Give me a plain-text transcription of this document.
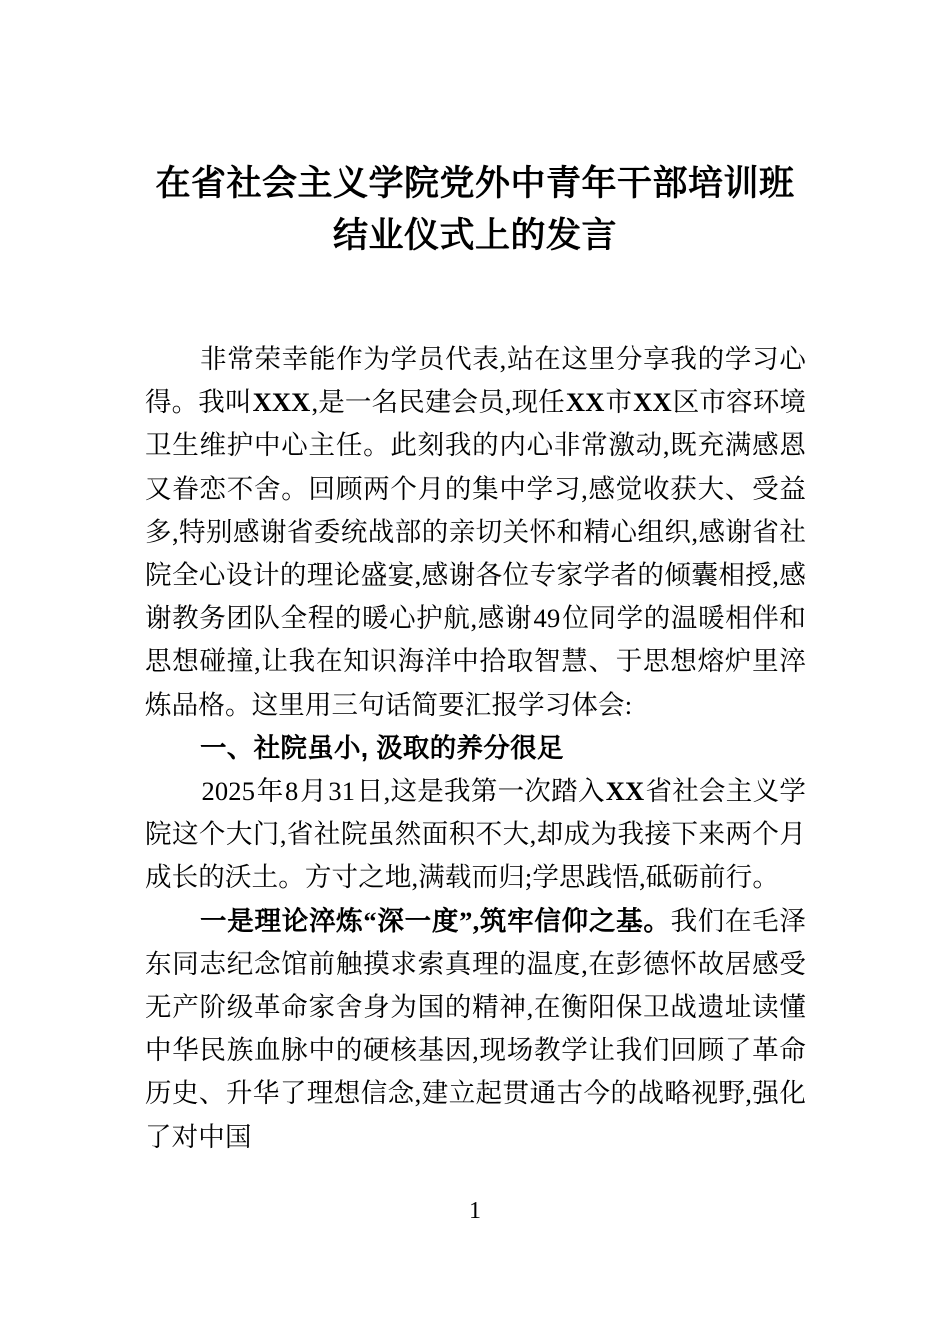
在省社会主义学院党外中青年干部培训班
结业仪式上的发言

非常荣幸能作为学员代表,站在这里分享我的学习心得。我叫XXX,是一名民建会员,现任XX市XX区市容环境卫生维护中心主任。此刻我的内心非常激动,既充满感恩又眷恋不舍。回顾两个月的集中学习,感觉收获大、受益多,特别感谢省委统战部的亲切关怀和精心组织,感谢省社院全心设计的理论盛宴,感谢各位专家学者的倾囊相授,感谢教务团队全程的暖心护航,感谢49位同学的温暖相伴和思想碰撞,让我在知识海洋中拾取智慧、于思想熔炉里淬炼品格。这里用三句话简要汇报学习体会:

一、社院虽小, 汲取的养分很足

2025年8月31日,这是我第一次踏入XX省社会主义学院这个大门,省社院虽然面积不大,却成为我接下来两个月成长的沃土。方寸之地,满载而归;学思践悟,砥砺前行。

一是理论淬炼“深一度”,筑牢信仰之基。我们在毛泽东同志纪念馆前触摸求索真理的温度,在彭德怀故居感受无产阶级革命家舍身为国的精神,在衡阳保卫战遗址读懂中华民族血脉中的硬核基因,现场教学让我们回顾了革命历史、升华了理想信念,建立起贯通古今的战略视野,强化了对中国

1
